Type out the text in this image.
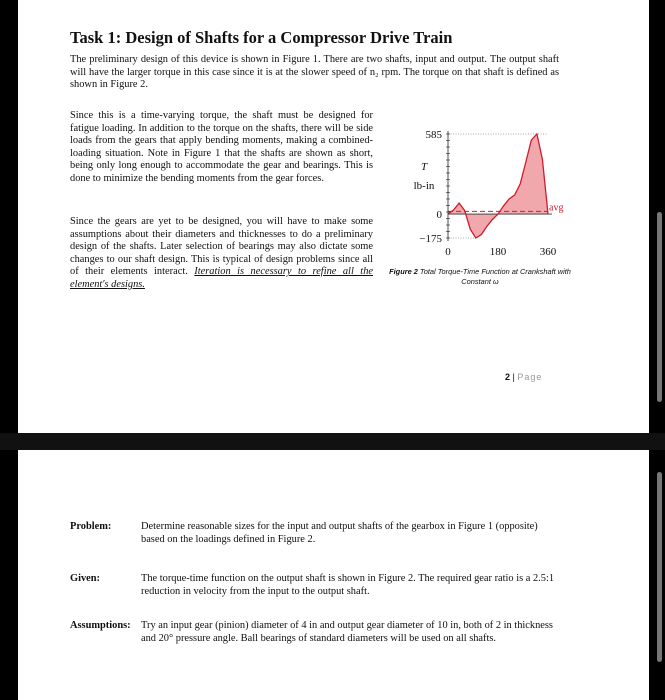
Task 1: Design of Shafts for a Compressor Drive Train
The preliminary design of this device is shown in Figure 1. There are two shafts, input and output. The output shaft will have the larger torque in this case since it is at the slower speed of n₂ rpm. The torque on that shaft is defined as shown in Figure 2.
Since this is a time-varying torque, the shaft must be designed for fatigue loading. In addition to the torque on the shafts, there will be side loads from the gears that apply bending moments, making a combined-loading situation. Note in Figure 1 that the shafts are shown as short, being only long enough to accommodate the gear and bearings. This is done to minimize the bending moments from the gear forces.
Since the gears are yet to be designed, you will have to make some assumptions about their diameters and thicknesses to do a preliminary design of the shafts. Later selection of bearings may also dictate some changes to our shaft design. This is typical of design problems since all of their elements interact. Iteration is necessary to refine all the element's designs.
avg
585
0
−175
T
lb-in
0	180	360
Figure 2 Total Torque-Time Function at Crankshaft with Constant ω
2 | Page
Problem:	Determine reasonable sizes for the input and output shafts of the gearbox in Figure 1 (opposite) based on the loadings defined in Figure 2.
Given:	The torque-time function on the output shaft is shown in Figure 2. The required gear ratio is a 2.5:1 reduction in velocity from the input to the output shaft.
Assumptions: Try an input gear (pinion) diameter of 4 in and output gear diameter of 10 in, both of 2 in thickness and 20° pressure angle. Ball bearings of standard diameters will be used on all shafts.
